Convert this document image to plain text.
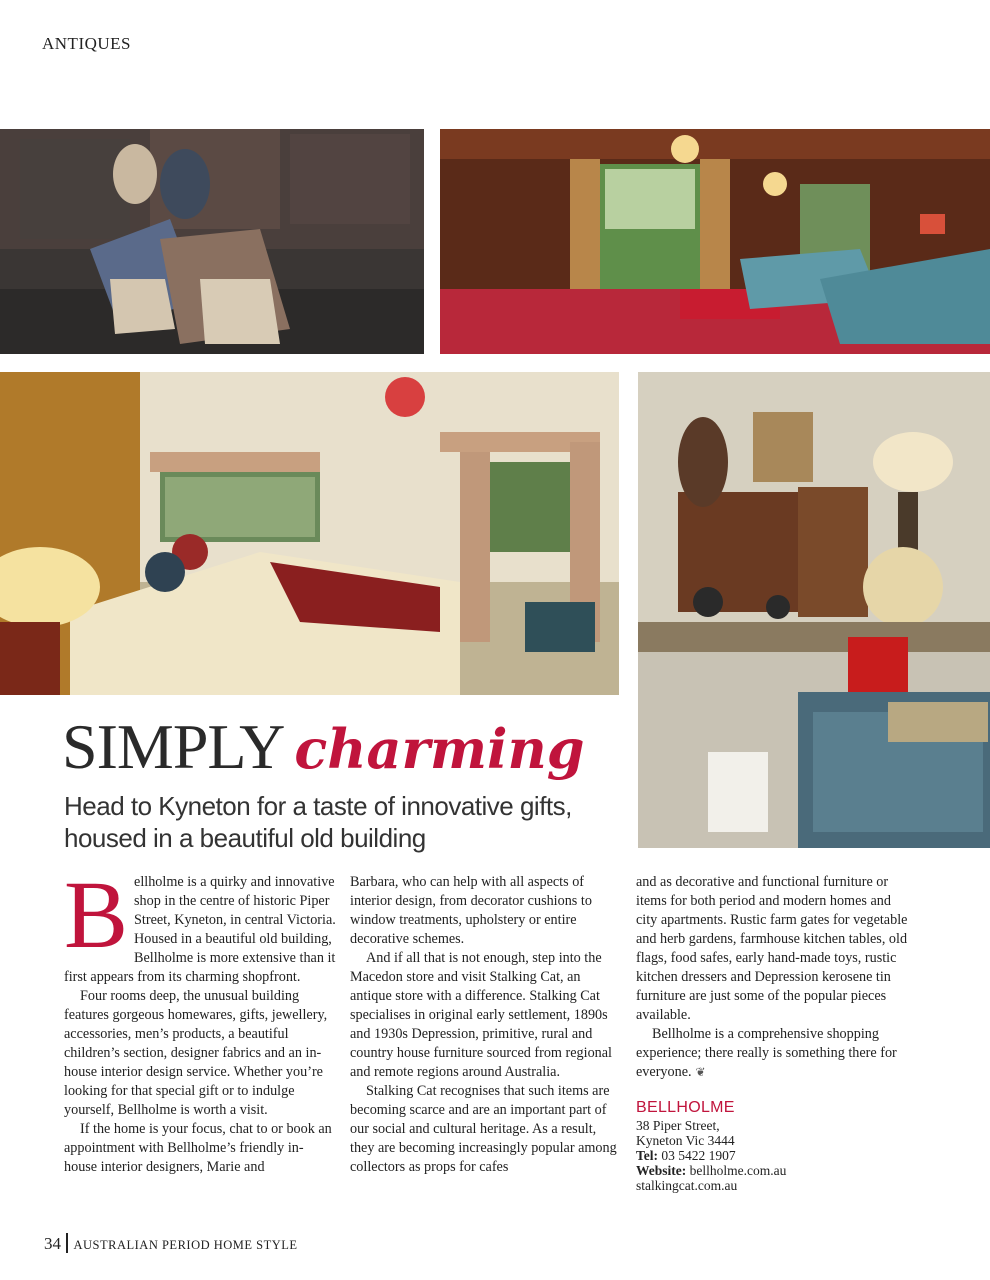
ANTIQUES
SIMPLY charming
Head to Kyneton for a taste of innovative gifts, housed in a beautiful old building

Bellholme is a quirky and innovative shop in the centre of historic Piper Street, Kyneton, in central Victoria. Housed in a beautiful old building, Bellholme is more extensive than it first appears from its charming shopfront.

Four rooms deep, the unusual building features gorgeous homewares, gifts, jewellery, accessories, men’s products, a beautiful children’s section, designer fabrics and an in-house interior design service. Whether you’re looking for that special gift or to indulge yourself, Bellholme is worth a visit.

If the home is your focus, chat to or book an appointment with Bellholme’s friendly in-house interior designers, Marie and

Barbara, who can help with all aspects of interior design, from decorator cushions to window treatments, upholstery or entire decorative schemes.

And if all that is not enough, step into the Macedon store and visit Stalking Cat, an antique store with a difference. Stalking Cat specialises in original early settlement, 1890s and 1930s Depression, primitive, rural and country house furniture sourced from regional and remote regions around Australia.

Stalking Cat recognises that such items are becoming scarce and are an important part of our social and cultural heritage. As a result, they are becoming increasingly popular among collectors as props for cafes

and as decorative and functional furniture or items for both period and modern homes and city apartments. Rustic farm gates for vegetable and herb gardens, farmhouse kitchen tables, old flags, food safes, early hand-made toys, rustic kitchen dressers and Depression kerosene tin furniture are just some of the popular pieces available.

Bellholme is a comprehensive shopping experience; there really is something there for everyone. ❦

BELLHOLME
38 Piper Street,
Kyneton Vic 3444
Tel: 03 5422 1907
Website: bellholme.com.au
stalkingcat.com.au
34 AUSTRALIAN PERIOD HOME STYLE
